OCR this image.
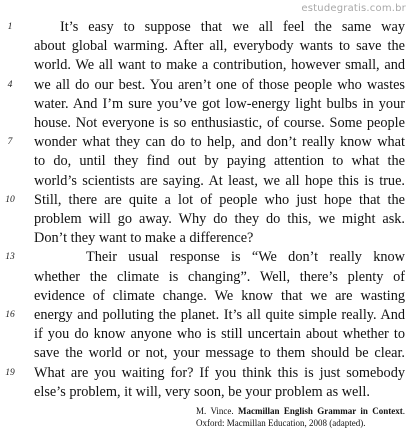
estudegratis.com.br
It’s easy to suppose that we all feel the same way
about global warming. After all, everybody wants to save the
world. We all want to make a contribution, however small, and
we all do our best. You aren’t one of those people who wastes
water. And I’m sure you’ve got low-energy light bulbs in your
house. Not everyone is so enthusiastic, of course. Some people
wonder what they can do to help, and don’t really know what
to do, until they find out by paying attention to what the
world’s scientists are saying. At least, we all hope this is true.
Still, there are quite a lot of people who just hope that the
problem will go away. Why do they do this, we might ask.
Don’t they want to make a difference?
Their usual response is “We don’t really know
whether the climate is changing”. Well, there’s plenty of
evidence of climate change. We know that we are wasting
energy and polluting the planet. It’s all quite simple really. And
if you do know anyone who is still uncertain about whether to
save the world or not, your message to them should be clear.
What are you waiting for? If you think this is just somebody
else’s problem, it will, very soon, be your problem as well.
1
4
7
10
13
16
19
M. Vince. Macmillan English Grammar in Context. Oxford: Macmillan Education, 2008 (adapted).
